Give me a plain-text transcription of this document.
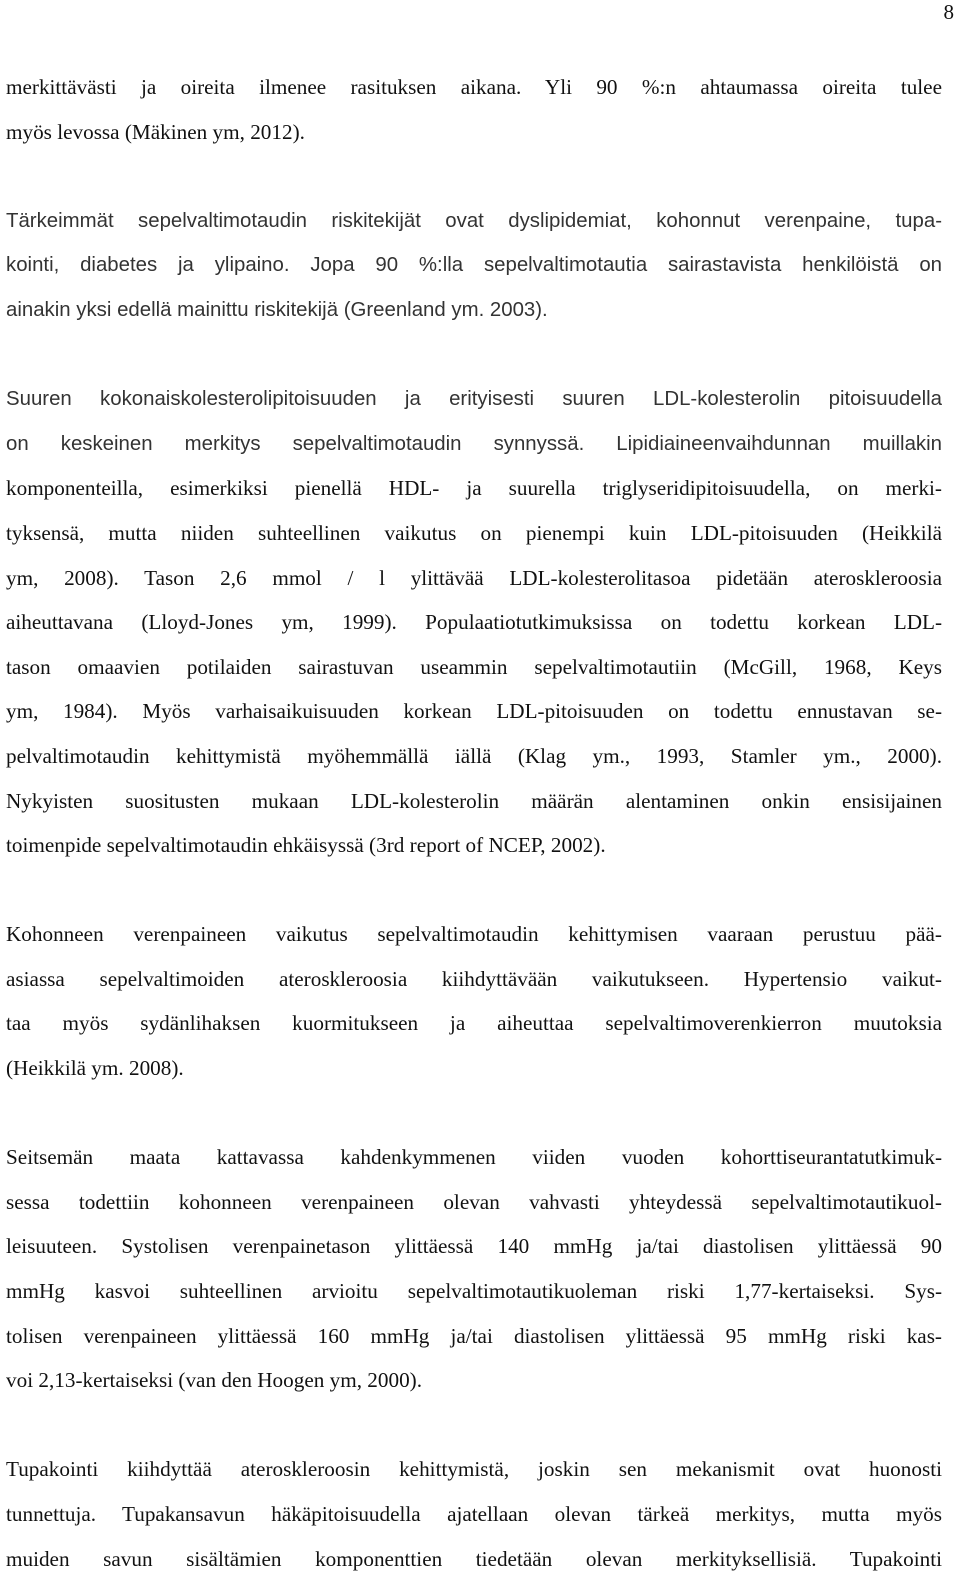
8

merkittävästi ja oireita ilmenee rasituksen aikana. Yli 90 %:n ahtaumassa oireita tulee
myös levossa (Mäkinen ym, 2012).

Tärkeimmät sepelvaltimotaudin riskitekijät ovat dyslipidemiat, kohonnut verenpaine, tupa-
kointi, diabetes ja ylipaino. Jopa 90 %:lla sepelvaltimotautia sairastavista henkilöistä on
ainakin yksi edellä mainittu riskitekijä (Greenland ym. 2003).

Suuren kokonaiskolesterolipitoisuuden ja erityisesti suuren LDL-kolesterolin pitoisuudella
on keskeinen merkitys sepelvaltimotaudin synnyssä. Lipidiaineenvaihdunnan muillakin
komponenteilla, esimerkiksi pienellä HDL- ja suurella triglyseridipitoisuudella, on merki-
tyksensä, mutta niiden suhteellinen vaikutus on pienempi kuin LDL-pitoisuuden (Heikkilä
ym, 2008). Tason 2,6 mmol / l ylittävää LDL-kolesterolitasoa pidetään ateroskleroosia
aiheuttavana (Lloyd-Jones ym, 1999). Populaatiotutkimuksissa on todettu korkean LDL-
tason omaavien potilaiden sairastuvan useammin sepelvaltimotautiin (McGill, 1968, Keys
ym, 1984). Myös varhaisaikuisuuden korkean LDL-pitoisuuden on todettu ennustavan se-
pelvaltimotaudin kehittymistä myöhemmällä iällä (Klag ym., 1993, Stamler ym., 2000).
Nykyisten suositusten mukaan LDL-kolesterolin määrän alentaminen onkin ensisijainen
toimenpide sepelvaltimotaudin ehkäisyssä (3rd report of NCEP, 2002).

Kohonneen verenpaineen vaikutus sepelvaltimotaudin kehittymisen vaaraan perustuu pää-
asiassa sepelvaltimoiden ateroskleroosia kiihdyttävään vaikutukseen. Hypertensio vaikut-
taa myös sydänlihaksen kuormitukseen ja aiheuttaa sepelvaltimoverenkierron muutoksia
(Heikkilä ym. 2008).

Seitsemän maata kattavassa kahdenkymmenen viiden vuoden kohorttiseurantatutkimuk-
sessa todettiin kohonneen verenpaineen olevan vahvasti yhteydessä sepelvaltimotautikuol-
leisuuteen. Systolisen verenpainetason ylittäessä 140 mmHg ja/tai diastolisen ylittäessä 90
mmHg kasvoi suhteellinen arvioitu sepelvaltimotautikuoleman riski 1,77-kertaiseksi. Sys-
tolisen verenpaineen ylittäessä 160 mmHg ja/tai diastolisen ylittäessä 95 mmHg riski kas-
voi 2,13-kertaiseksi (van den Hoogen ym, 2000).

Tupakointi kiihdyttää ateroskleroosin kehittymistä, joskin sen mekanismit ovat huonosti
tunnettuja. Tupakansavun häkäpitoisuudella ajatellaan olevan tärkeä merkitys, mutta myös
muiden savun sisältämien komponenttien tiedetään olevan merkityksellisiä. Tupakointi
